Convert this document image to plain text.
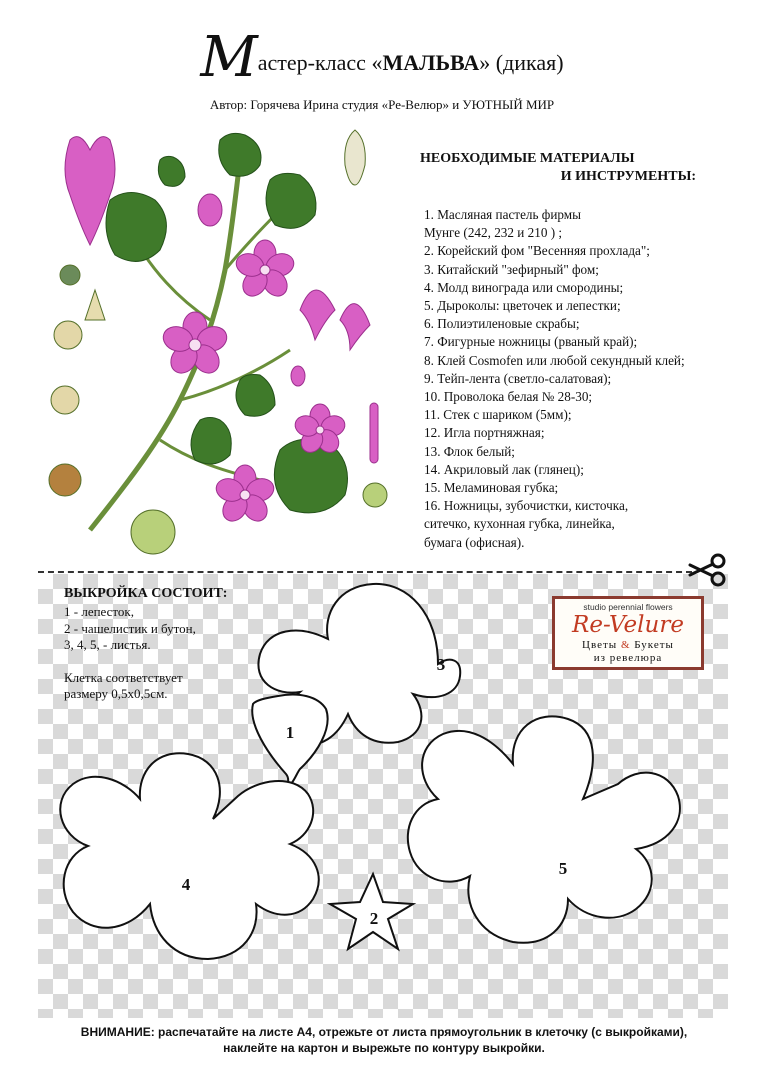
Мастер-класс «МАЛЬВА» (дикая)
Автор: Горячева Ирина студия «Ре-Велюр» и УЮТНЫЙ МИР
НЕОБХОДИМЫЕ МАТЕРИАЛЫ
И ИНСТРУМЕНТЫ:
1. Масляная пастель фирмы
Мунге (242, 232 и 210 ) ;
2. Корейский фом "Весенняя прохлада";
3. Китайский "зефирный" фом;
4. Молд винограда или смородины;
5. Дыроколы: цветочек и лепестки;
6. Полиэтиленовые скрабы;
7. Фигурные ножницы (рваный край);
8. Клей Cosmofen или любой секундный клей;
9. Тейп-лента (светло-салатовая);
10. Проволока белая № 28-30;
11. Стек с шариком (5мм);
12. Игла портняжная;
13. Флок белый;
14. Акриловый лак (глянец);
15. Меламиновая губка;
16. Ножницы, зубочистки, кисточка,
ситечко, кухонная губка, линейка,
бумага (офисная).
3
1
4
2
5
ВЫКРОЙКА СОСТОИТ:
1 - лепесток,
2 - чашелистик и бутон,
3, 4, 5, - листья.
Клетка соответствует
размеру 0,5х0,5см.
studio perennial flowers
Re-Velure
Цветы & Букеты
из ревелюра
ВНИМАНИЕ: распечатайте на листе А4, отрежьте от листа прямоугольник в клеточку (с выкройками),
наклейте на картон и вырежьте по контуру выкройки.
